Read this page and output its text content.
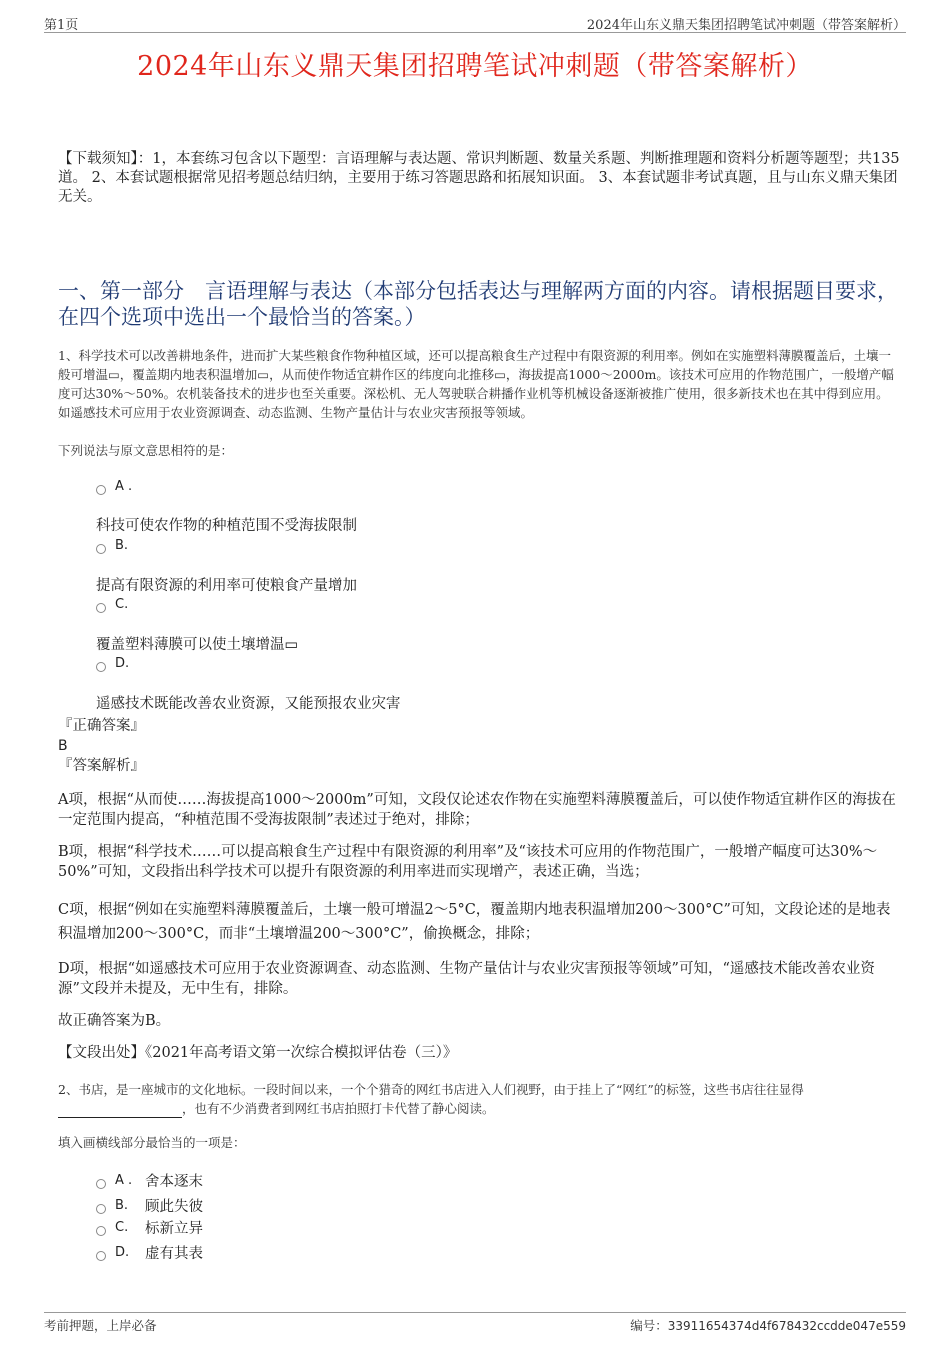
第1页	2024年山东义鼎天集团招聘笔试冲刺题（带答案解析）
2024年山东义鼎天集团招聘笔试冲刺题（带答案解析）
【下载须知】：1，本套练习包含以下题型：言语理解与表达题、常识判断题、数量关系题、判断推理题和资料分析题等题型；共135道。 2、本套试题根据常见招考题总结归纳，主要用于练习答题思路和拓展知识面。 3、本套试题非考试真题，且与山东义鼎天集团无关。
一、第一部分　言语理解与表达（本部分包括表达与理解两方面的内容。请根据题目要求，在四个选项中选出一个最恰当的答案。）
1、科学技术可以改善耕地条件，进而扩大某些粮食作物种植区域，还可以提高粮食生产过程中有限资源的利用率。例如在实施塑料薄膜覆盖后，土壤一般可增温▭，覆盖期内地表积温增加▭，从而使作物适宜耕作区的纬度向北推移▭，海拔提高1000～2000m。该技术可应用的作物范围广，一般增产幅度可达30%～50%。农机装备技术的进步也至关重要。深松机、无人驾驶联合耕播作业机等机械设备逐渐被推广使用，很多新技术也在其中得到应用。如遥感技术可应用于农业资源调查、动态监测、生物产量估计与农业灾害预报等领域。
下列说法与原文意思相符的是：
A .
科技可使农作物的种植范围不受海拔限制
B.
提高有限资源的利用率可使粮食产量增加
C.
覆盖塑料薄膜可以使土壤增温▭
D.
遥感技术既能改善农业资源，又能预报农业灾害
『正确答案』
B
『答案解析』
A项，根据“从而使……海拔提高1000～2000m”可知，文段仅论述农作物在实施塑料薄膜覆盖后，可以使作物适宜耕作区的海拔在一定范围内提高，“种植范围不受海拔限制”表述过于绝对，排除；
B项，根据“科学技术……可以提高粮食生产过程中有限资源的利用率”及“该技术可应用的作物范围广，一般增产幅度可达30%～50%”可知，文段指出科学技术可以提升有限资源的利用率进而实现增产，表述正确，当选；
C项，根据“例如在实施塑料薄膜覆盖后，土壤一般可增温2～5°C，覆盖期内地表积温增加200～300°C”可知，文段论述的是地表积温增加200～300°C，而非“土壤增温200～300°C”，偷换概念，排除；
D项，根据“如遥感技术可应用于农业资源调查、动态监测、生物产量估计与农业灾害预报等领域”可知，“遥感技术能改善农业资源”文段并未提及，无中生有，排除。
故正确答案为B。
【文段出处】《2021年高考语文第一次综合模拟评估卷（三）》
2、书店，是一座城市的文化地标。一段时间以来，一个个猎奇的网红书店进入人们视野，由于挂上了“网红”的标签，这些书店往往显得
，也有不少消费者到网红书店拍照打卡代替了静心阅读。
填入画横线部分最恰当的一项是：
A . 舍本逐末
B.	顾此失彼
C.	标新立异
D.	虚有其表
考前押题，上岸必备	编号：33911654374d4f678432ccdde047e559
